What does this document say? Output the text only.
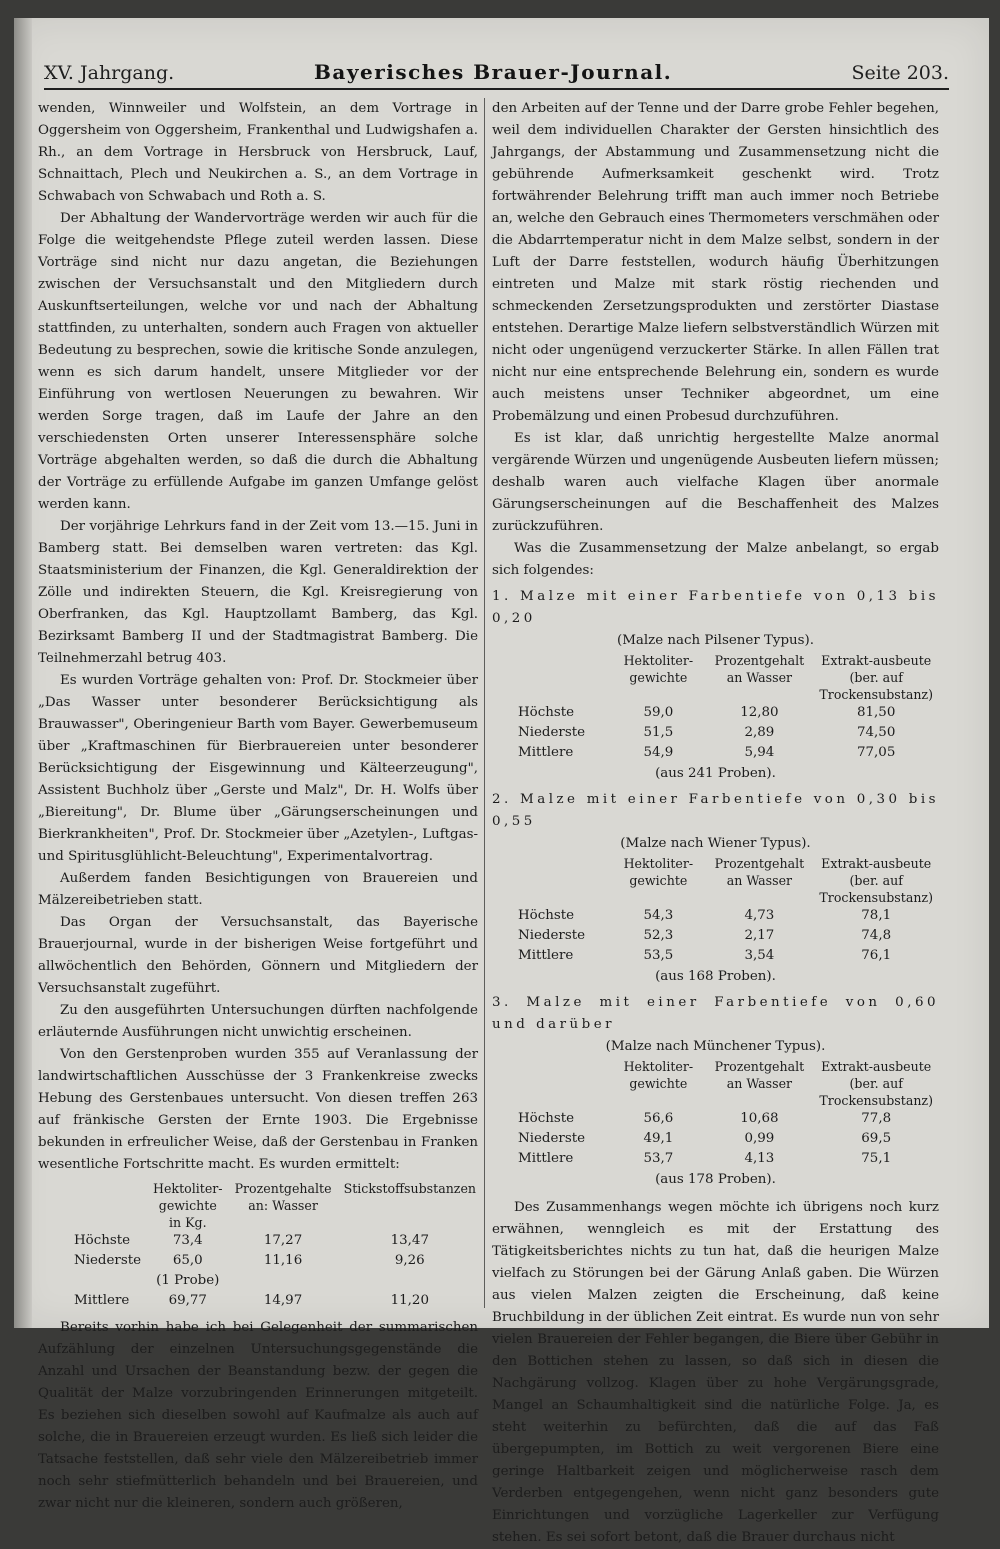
XV. Jahrgang.	Bayerisches Brauer-Journal.	Seite 203.

wenden, Winnweiler und Wolfstein, an dem Vortrage in Oggersheim von Oggersheim, Frankenthal und Ludwigshafen a. Rh., an dem Vortrage in Hersbruck von Hersbruck, Lauf, Schnaittach, Plech und Neukirchen a. S., an dem Vortrage in Schwabach von Schwabach und Roth a. S.

Der Abhaltung der Wandervorträge werden wir auch für die Folge die weitgehendste Pflege zuteil werden lassen. Diese Vorträge sind nicht nur dazu angetan, die Beziehungen zwischen der Versuchsanstalt und den Mitgliedern durch Auskunftserteilungen, welche vor und nach der Abhaltung stattfinden, zu unterhalten, sondern auch Fragen von aktueller Bedeutung zu besprechen, sowie die kritische Sonde anzulegen, wenn es sich darum handelt, unsere Mitglieder vor der Einführung von wertlosen Neuerungen zu bewahren. Wir werden Sorge tragen, daß im Laufe der Jahre an den verschiedensten Orten unserer Interessensphäre solche Vorträge abgehalten werden, so daß die durch die Abhaltung der Vorträge zu erfüllende Aufgabe im ganzen Umfange gelöst werden kann.

Der vorjährige Lehrkurs fand in der Zeit vom 13.—15. Juni in Bamberg statt. Bei demselben waren vertreten: das Kgl. Staatsministerium der Finanzen, die Kgl. Generaldirektion der Zölle und indirekten Steuern, die Kgl. Kreisregierung von Oberfranken, das Kgl. Hauptzollamt Bamberg, das Kgl. Bezirksamt Bamberg II und der Stadtmagistrat Bamberg. Die Teilnehmerzahl betrug 403.

Es wurden Vorträge gehalten von: Prof. Dr. Stockmeier über „Das Wasser unter besonderer Berücksichtigung als Brauwasser", Oberingenieur Barth vom Bayer. Gewerbemuseum über „Kraftmaschinen für Bierbrauereien unter besonderer Berücksichtigung der Eisgewinnung und Kälteerzeugung", Assistent Buchholz über „Gerste und Malz", Dr. H. Wolfs über „Biereitung", Dr. Blume über „Gärungserscheinungen und Bierkrankheiten", Prof. Dr. Stockmeier über „Azetylen-, Luftgas- und Spiritusglühlicht-Beleuchtung", Experimentalvortrag.

Außerdem fanden Besichtigungen von Brauereien und Mälzereibetrieben statt.

Das Organ der Versuchsanstalt, das Bayerische Brauerjournal, wurde in der bisherigen Weise fortgeführt und allwöchentlich den Behörden, Gönnern und Mitgliedern der Versuchsanstalt zugeführt.

Zu den ausgeführten Untersuchungen dürften nachfolgende erläuternde Ausführungen nicht unwichtig erscheinen.

Von den Gerstenproben wurden 355 auf Veranlassung der landwirtschaftlichen Ausschüsse der 3 Frankenkreise zwecks Hebung des Gerstenbaues untersucht. Von diesen treffen 263 auf fränkische Gersten der Ernte 1903. Die Ergebnisse bekunden in erfreulicher Weise, daß der Gerstenbau in Franken wesentliche Fortschritte macht. Es wurden ermittelt:

	Hektoliter-gewichte in Kg.	Prozentgehalte an: Wasser	Stickstoffsubstanzen
Höchste	73,4	17,27	13,47
Niederste	65,0	11,16	9,26
	(1 Probe)		
Mittlere	69,77	14,97	11,20

Bereits vorhin habe ich bei Gelegenheit der summarischen Aufzählung der einzelnen Untersuchungsgegenstände die Anzahl und Ursachen der Beanstandung bezw. der gegen die Qualität der Malze vorzubringenden Erinnerungen mitgeteilt. Es beziehen sich dieselben sowohl auf Kaufmalze als auch auf solche, die in Brauereien erzeugt wurden. Es ließ sich leider die Tatsache feststellen, daß sehr viele den Mälzereibetrieb immer noch sehr stiefmütterlich behandeln und bei Brauereien, und zwar nicht nur die kleineren, sondern auch größeren,

den Arbeiten auf der Tenne und der Darre grobe Fehler begehen, weil dem individuellen Charakter der Gersten hinsichtlich des Jahrgangs, der Abstammung und Zusammensetzung nicht die gebührende Aufmerksamkeit geschenkt wird. Trotz fortwährender Belehrung trifft man auch immer noch Betriebe an, welche den Gebrauch eines Thermometers verschmähen oder die Abdarrtemperatur nicht in dem Malze selbst, sondern in der Luft der Darre feststellen, wodurch häufig Überhitzungen eintreten und Malze mit stark röstig riechenden und schmeckenden Zersetzungsprodukten und zerstörter Diastase entstehen. Derartige Malze liefern selbstverständlich Würzen mit nicht oder ungenügend verzuckerter Stärke. In allen Fällen trat nicht nur eine entsprechende Belehrung ein, sondern es wurde auch meistens unser Techniker abgeordnet, um eine Probemälzung und einen Probesud durchzuführen.

Es ist klar, daß unrichtig hergestellte Malze anormal vergärende Würzen und ungenügende Ausbeuten liefern müssen; deshalb waren auch vielfache Klagen über anormale Gärungserscheinungen auf die Beschaffenheit des Malzes zurückzuführen.

Was die Zusammensetzung der Malze anbelangt, so ergab sich folgendes:

1. Malze mit einer Farbentiefe von 0,13 bis 0,20
(Malze nach Pilsener Typus).
	Hektoliter-gewichte	Prozentgehalt an Wasser	Extrakt-ausbeute (ber. auf Trockensubstanz)
Höchste	59,0	12,80	81,50
Niederste	51,5	2,89	74,50
Mittlere	54,9	5,94	77,05
(aus 241 Proben).
2. Malze mit einer Farbentiefe von 0,30 bis 0,55
(Malze nach Wiener Typus).
	Hektoliter-gewichte	Prozentgehalt an Wasser	Extrakt-ausbeute (ber. auf Trockensubstanz)
Höchste	54,3	4,73	78,1
Niederste	52,3	2,17	74,8
Mittlere	53,5	3,54	76,1
(aus 168 Proben).
3. Malze mit einer Farbentiefe von 0,60 und darüber
(Malze nach Münchener Typus).
	Hektoliter-gewichte	Prozentgehalt an Wasser	Extrakt-ausbeute (ber. auf Trockensubstanz)
Höchste	56,6	10,68	77,8
Niederste	49,1	0,99	69,5
Mittlere	53,7	4,13	75,1
(aus 178 Proben).

Des Zusammenhangs wegen möchte ich übrigens noch kurz erwähnen, wenngleich es mit der Erstattung des Tätigkeitsberichtes nichts zu tun hat, daß die heurigen Malze vielfach zu Störungen bei der Gärung Anlaß gaben. Die Würzen aus vielen Malzen zeigten die Erscheinung, daß keine Bruchbildung in der üblichen Zeit eintrat. Es wurde nun von sehr vielen Brauereien der Fehler begangen, die Biere über Gebühr in den Bottichen stehen zu lassen, so daß sich in diesen die Nachgärung vollzog. Klagen über zu hohe Vergärungsgrade, Mangel an Schaumhaltigkeit sind die natürliche Folge. Ja, es steht weiterhin zu befürchten, daß die auf das Faß übergepumpten, im Bottich zu weit vergorenen Biere eine geringe Haltbarkeit zeigen und möglicherweise rasch dem Verderben entgegengehen, wenn nicht ganz besonders gute Einrichtungen und vorzügliche Lagerkeller zur Verfügung stehen. Es sei sofort betont, daß die Brauer durchaus nicht
